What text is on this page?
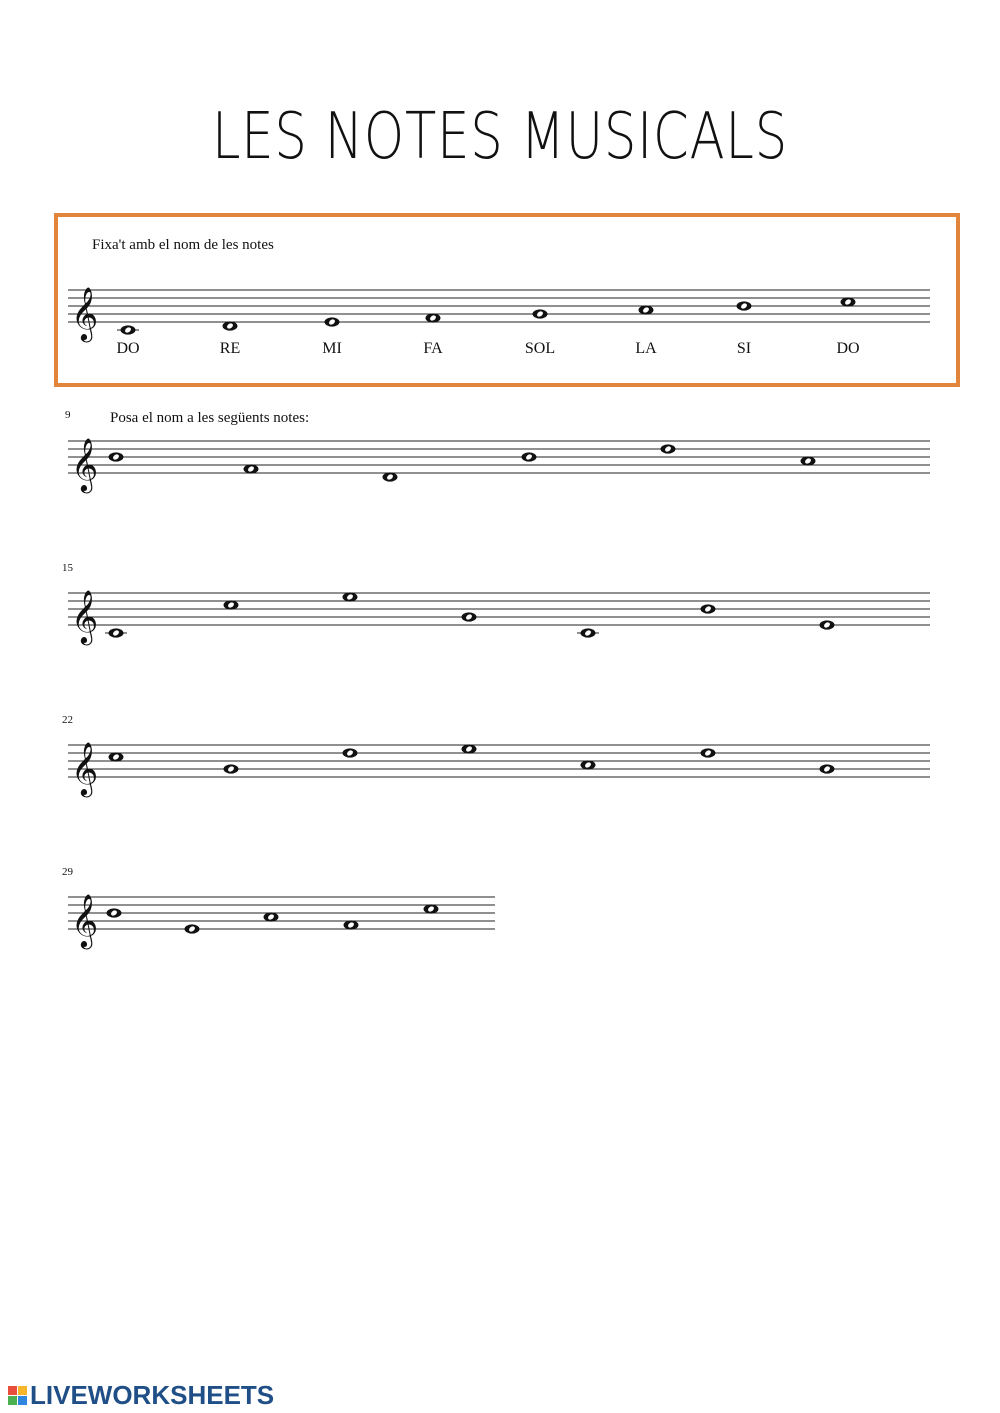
LES NOTES MUSICALS
Fixa't amb el nom de les notes
9	Posa el nom a les següents notes:
15
22
29
𝄞
DO	RE	MI	FA	SOL	LA	SI	DO
𝄞
𝄞
𝄞
𝄞
LIVEWORKSHEETS
